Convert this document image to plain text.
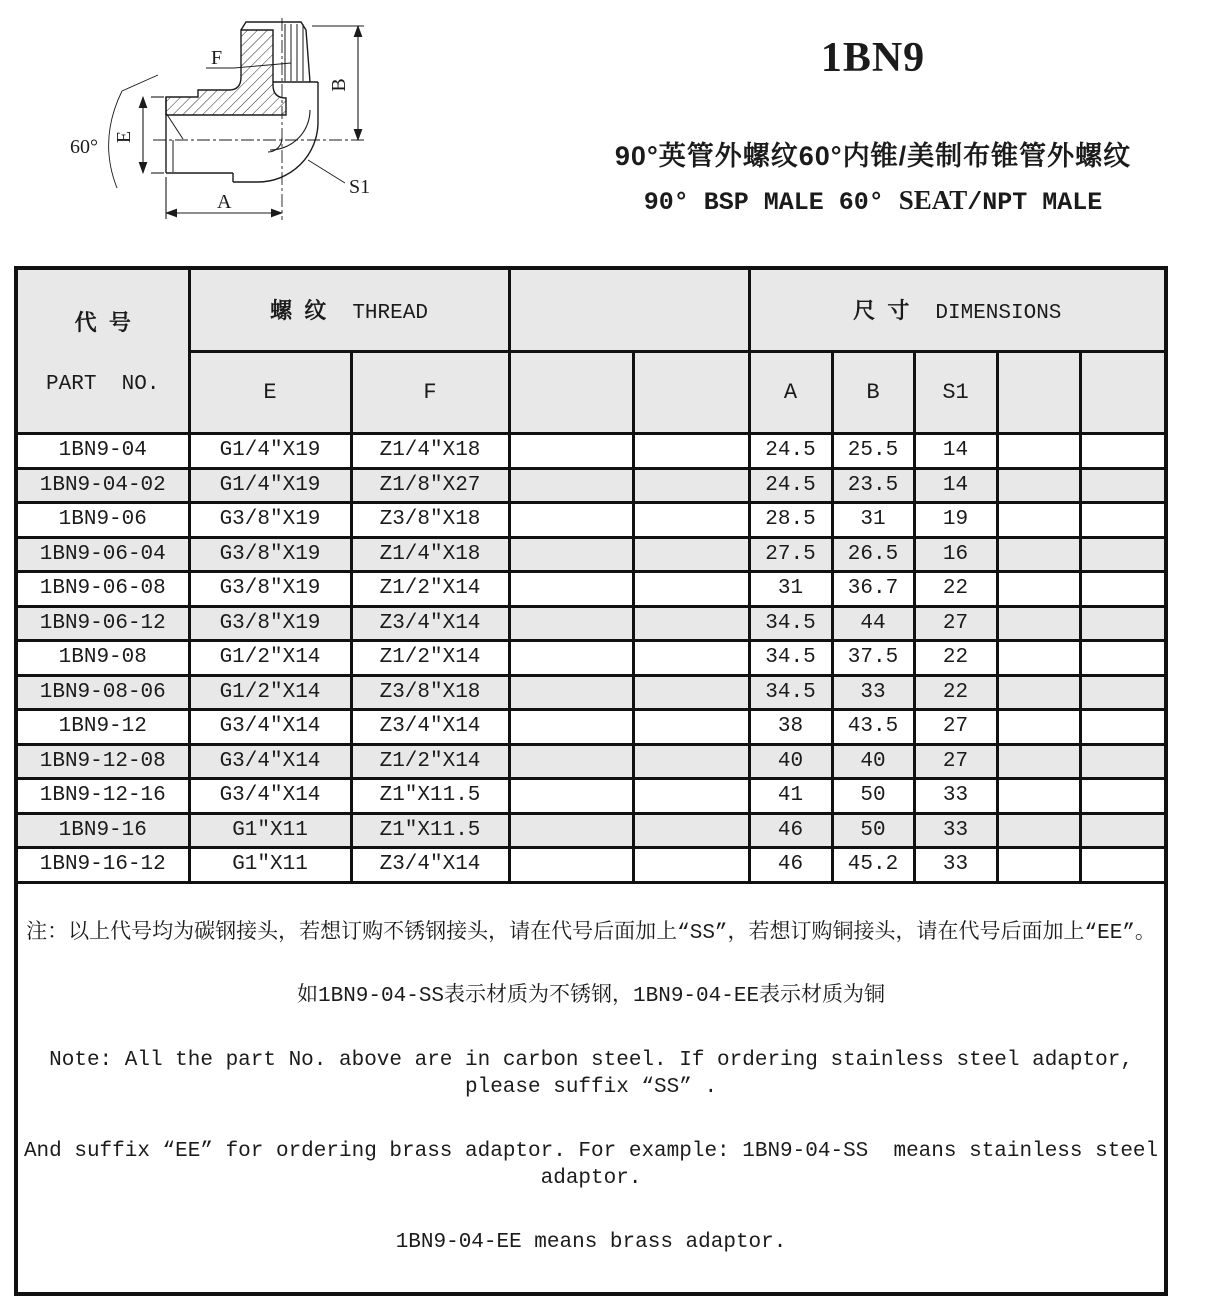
60° E
F
B
A
S1
1BN9
90°英管外螺纹60°内锥/美制布锥管外螺纹
90° BSP MALE 60° SEAT/NPT MALE

代  号

PART  NO.	螺  纹 THREAD				尺  寸 DIMENSIONS				
	E	F			A	B	S1		
1BN9-04	G1/4″X19	Z1/4″X18			24.5	25.5	14		
1BN9-04-02	G1/4″X19	Z1/8″X27			24.5	23.5	14		
1BN9-06	G3/8″X19	Z3/8″X18			28.5	31	19		
1BN9-06-04	G3/8″X19	Z1/4″X18			27.5	26.5	16		
1BN9-06-08	G3/8″X19	Z1/2″X14			31	36.7	22		
1BN9-06-12	G3/8″X19	Z3/4″X14			34.5	44	27		
1BN9-08	G1/2″X14	Z1/2″X14			34.5	37.5	22		
1BN9-08-06	G1/2″X14	Z3/8″X18			34.5	33	22		
1BN9-12	G3/4″X14	Z3/4″X14			38	43.5	27		
1BN9-12-08	G3/4″X14	Z1/2″X14			40	40	27		
1BN9-12-16	G3/4″X14	Z1″X11.5			41	50	33		
1BN9-16	G1″X11	Z1″X11.5			46	50	33		
1BN9-16-12	G1″X11	Z3/4″X14			46	45.2	33		

注：以上代号均为碳钢接头，若想订购不锈钢接头，请在代号后面加上“SS”，若想订购铜接头，请在代号后面加上“EE”。

如1BN9-04-SS表示材质为不锈钢，1BN9-04-EE表示材质为铜

Note: All the part No. above are in carbon steel. If ordering stainless steel adaptor, please suffix “SS” .

And suffix “EE” for ordering brass adaptor. For example: 1BN9-04-SS  means stainless steel adaptor.

1BN9-04-EE means brass adaptor.									
